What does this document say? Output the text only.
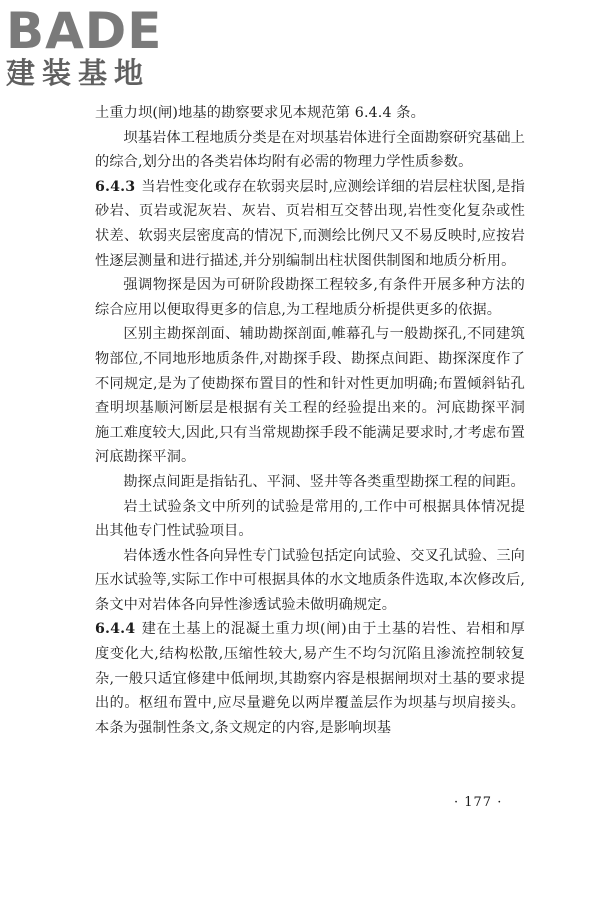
BADE
建装基地

土重力坝(闸)地基的勘察要求见本规范第 6.4.4 条。

坝基岩体工程地质分类是在对坝基岩体进行全面勘察研究基础上的综合,划分出的各类岩体均附有必需的物理力学性质参数。

6.4.3 当岩性变化或存在软弱夹层时,应测绘详细的岩层柱状图,是指砂岩、页岩或泥灰岩、灰岩、页岩相互交替出现,岩性变化复杂或性状差、软弱夹层密度高的情况下,而测绘比例尺又不易反映时,应按岩性逐层测量和进行描述,并分别编制出柱状图供制图和地质分析用。

强调物探是因为可研阶段勘探工程较多,有条件开展多种方法的综合应用以便取得更多的信息,为工程地质分析提供更多的依据。

区别主勘探剖面、辅助勘探剖面,帷幕孔与一般勘探孔,不同建筑物部位,不同地形地质条件,对勘探手段、勘探点间距、勘探深度作了不同规定,是为了使勘探布置目的性和针对性更加明确;布置倾斜钻孔查明坝基顺河断层是根据有关工程的经验提出来的。河底勘探平洞施工难度较大,因此,只有当常规勘探手段不能满足要求时,才考虑布置河底勘探平洞。

勘探点间距是指钻孔、平洞、竖井等各类重型勘探工程的间距。

岩土试验条文中所列的试验是常用的,工作中可根据具体情况提出其他专门性试验项目。

岩体透水性各向异性专门试验包括定向试验、交叉孔试验、三向压水试验等,实际工作中可根据具体的水文地质条件选取,本次修改后,条文中对岩体各向异性渗透试验未做明确规定。

6.4.4 建在土基上的混凝土重力坝(闸)由于土基的岩性、岩相和厚度变化大,结构松散,压缩性较大,易产生不均匀沉陷且渗流控制较复杂,一般只适宜修建中低闸坝,其勘察内容是根据闸坝对土基的要求提出的。枢纽布置中,应尽量避免以两岸覆盖层作为坝基与坝肩接头。本条为强制性条文,条文规定的内容,是影响坝基

· 177 ·
